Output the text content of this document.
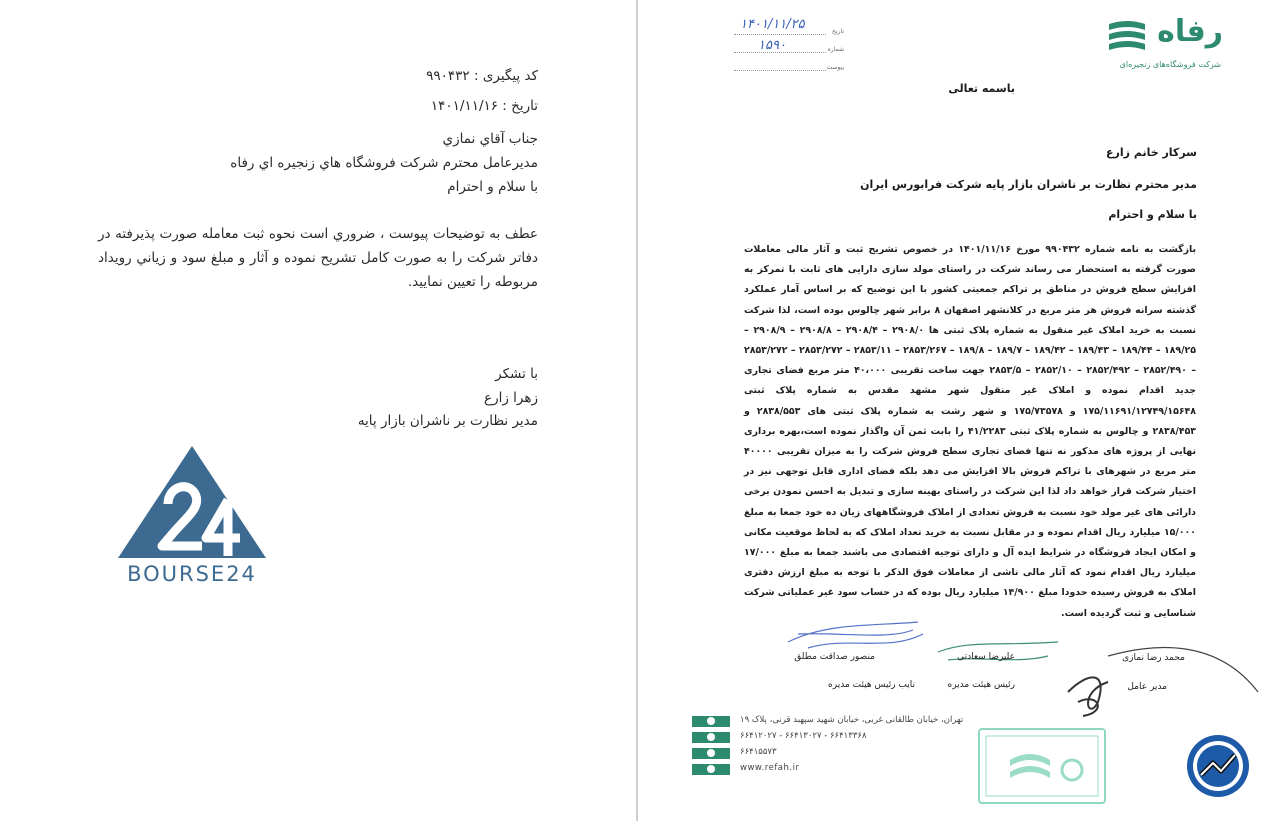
کد پیگیری : ۹۹۰۴۳۲
تاریخ : ۱۴۰۱/۱۱/۱۶
جناب آقاي نمازي
مديرعامل محترم شرکت فروشگاه هاي زنجيره اي رفاه
با سلام و احترام
عطف به توضيحات پيوست ، ضروري است نحوه ثبت معامله صورت پذيرفته در دفاتر شرکت را به صورت کامل تشريح نموده و آثار و مبلغ سود و زياني رويداد مربوطه را تعيين نماييد.
با تشکر
زهرا زارع
مدير نظارت بر ناشران بازار پايه
BOURSE24
رفاه
شرکت فروشگاه‌های زنجیره‌ای
تاریخ
شماره
پیوست
۱۴۰۱/۱۱/۲۵
۱۵۹۰
باسمه تعالی
سرکار خانم زارع
مدیر محترم نظارت بر ناشران بازار پایه شرکت فرابورس ایران
با سلام و احترام
بازگشت به نامه شماره ۹۹۰۴۳۲ مورخ ۱۴۰۱/۱۱/۱۶ در خصوص تشریح ثبت و آثار مالی معاملات صورت گرفته به استحضار می رساند شرکت در راستای مولد سازی دارایی های ثابت با تمرکز به افزایش سطح فروش در مناطق پر تراکم جمعیتی کشور با این توضیح که بر اساس آمار عملکرد گذشته سرانه فروش هر متر مربع در کلانشهر اصفهان ۸ برابر شهر چالوس بوده است، لذا شرکت نسبت به خرید املاک غیر منقول به شماره پلاک ثبتی ها ۲۹۰۸/۰ – ۲۹۰۸/۴ – ۲۹۰۸/۸ – ۲۹۰۸/۹ – ۱۸۹/۲۵ – ۱۸۹/۴۴ – ۱۸۹/۴۳ – ۱۸۹/۴۲ – ۱۸۹/۷ – ۱۸۹/۸ – ۲۸۵۳/۲۶۷ – ۲۸۵۳/۱۱ – ۲۸۵۳/۲۷۲ – ۲۸۵۳/۲۷۲ – ۲۸۵۲/۴۹۰ – ۲۸۵۲/۴۹۲ – ۲۸۵۲/۱۰ – ۲۸۵۳/۵ جهت ساخت تقریبی ۴۰،۰۰۰ متر مربع فضای تجاری جدید اقدام نموده و املاک غیر منقول شهر مشهد مقدس به شماره پلاک ثبتی ۱۷۵/۱۱۶۹۱/۱۲۷۴۹/۱۵۶۴۸ و ۱۷۵/۷۳۵۷۸ و شهر رشت به شماره پلاک ثبتی های ۲۸۳۸/۵۵۳ و ۲۸۳۸/۴۵۳ و چالوس به شماره پلاک ثبتی ۴۱/۲۲۸۳ را بابت ثمن آن واگذار نموده است،بهره برداری نهایی از پروژه های مذکور نه تنها فضای تجاری سطح فروش شرکت را به میزان تقریبی ۴۰۰۰۰ متر مربع در شهرهای با تراکم فروش بالا افزایش می دهد بلکه فضای اداری قابل توجهی نیز در اختیار شرکت قرار خواهد داد لذا این شرکت در راستای بهینه سازی و تبدیل به احسن نمودن برخی دارائی های غیر مولد خود نسبت به فروش تعدادی از املاک فروشگاههای زیان ده خود جمعا به مبلغ ۱۵/۰۰۰ میلیارد ریال اقدام نموده و در مقابل نسبت به خرید تعداد املاک که به لحاظ موقعیت مکانی و امکان ایجاد فروشگاه در شرایط ایده آل و دارای توجیه اقتصادی می باشند جمعا به مبلغ ۱۷/۰۰۰ میلیارد ریال اقدام نمود که آثار مالی ناشی از معاملات فوق الذکر با توجه به مبلغ ارزش دفتری املاک به فروش رسیده حدودا مبلغ ۱۴/۹۰۰ میلیارد ریال بوده که در حساب سود غیر عملیاتی شرکت شناسایی و ثبت گردیده است.
محمد رضا نمازی
مدیر عامل
علیرضا سعادتی
رئیس هیئت مدیره
منصور صداقت مطلق
نایب رئیس هیئت مدیره
تهران، خیابان طالقانی غربی، خیابان شهید سپهبد قرنی، پلاک ۱۹
۶۶۴۱۲۰۲۷ - ۶۶۴۱۳۰۲۷ - ۶۶۴۱۳۳۶۸
۶۶۴۱۵۵۷۳
www.refah.ir
